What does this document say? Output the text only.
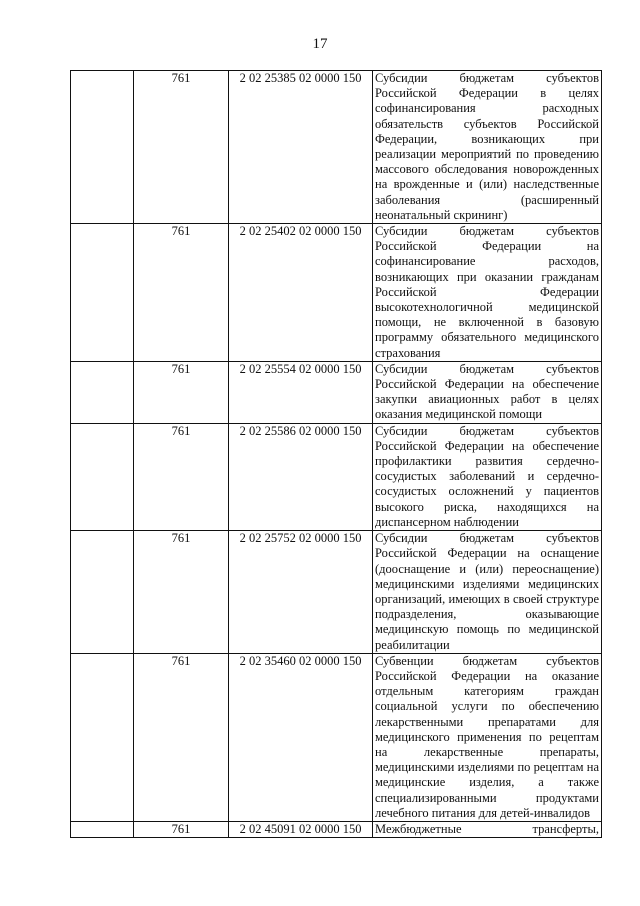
17
	761	2 02 25385 02 0000 150	Субсидии бюджетам субъектов Российской Федерации в целях софинансирования расходных обязательств субъектов Российской Федерации, возникающих при реализации мероприятий по проведению массового обследования новорожденных на врожденные и (или) наследственные заболевания (расширенный неонатальный скрининг)
	761	2 02 25402 02 0000 150	Субсидии бюджетам субъектов Российской Федерации на софинансирование расходов, возникающих при оказании гражданам Российской Федерации высокотехнологичной медицинской помощи, не включенной в базовую программу обязательного медицинского страхования
	761	2 02 25554 02 0000 150	Субсидии бюджетам субъектов Российской Федерации на обеспечение закупки авиационных работ в целях оказания медицинской помощи
	761	2 02 25586 02 0000 150	Субсидии бюджетам субъектов Российской Федерации на обеспечение профилактики развития сердечно-сосудистых заболеваний и сердечно-сосудистых осложнений у пациентов высокого риска, находящихся на диспансерном наблюдении
	761	2 02 25752 02 0000 150	Субсидии бюджетам субъектов Российской Федерации на оснащение (дооснащение и (или) переоснащение) медицинскими изделиями медицинских организаций, имеющих в своей структуре подразделения, оказывающие медицинскую помощь по медицинской реабилитации
	761	2 02 35460 02 0000 150	Субвенции бюджетам субъектов Российской Федерации на оказание отдельным категориям граждан социальной услуги по обеспечению лекарственными препаратами для медицинского применения по рецептам на лекарственные препараты, медицинскими изделиями по рецептам на медицинские изделия, а также специализированными продуктами лечебного питания для детей-инвалидов
	761	2 02 45091 02 0000 150	Межбюджетные трансферты,
